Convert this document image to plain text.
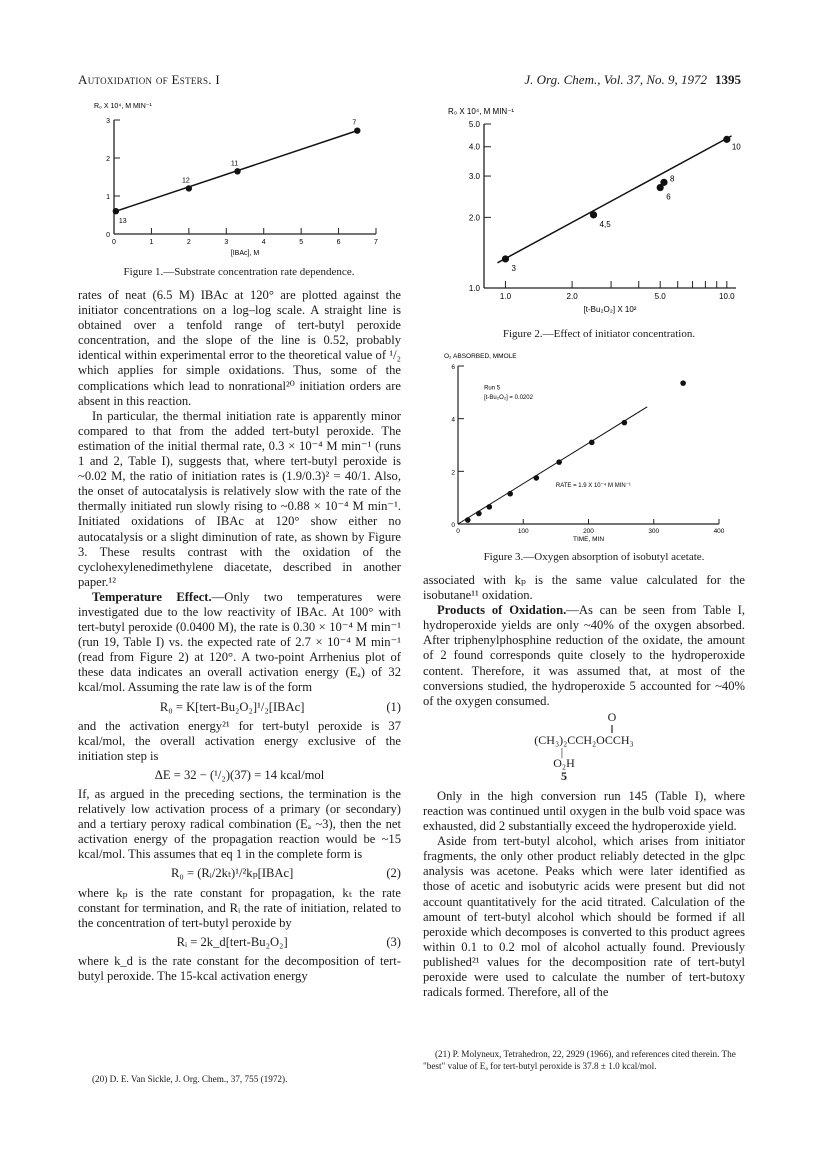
Autoxidation of Esters. I	J. Org. Chem., Vol. 37, No. 9, 1972 1395
R₀ X 10⁴, M MIN⁻¹
0
1
2
3
0	1	2	3	4	5	6	7
[IBAc], M
13
12
11
7
Figure 1.—Substrate concentration rate dependence.
R₀ X 10⁴, M MIN⁻¹
1.0
2.0
3.0
4.0
5.0
1.0	2.0	5.0	10.0
[t-Bu₂O₂] X 10²
3
4,5
6
8
10
Figure 2.—Effect of initiator concentration.
O₂ ABSORBED, MMOLE
0
2
4
6
0	100	200	300	400
TIME, MIN
Run 5
[t-Bu₂O₂] = 0.0202
RATE = 1.9 X 10⁻⁴ M MIN⁻¹
Figure 3.—Oxygen absorption of isobutyl acetate.

rates of neat (6.5 M) IBAc at 120° are plotted against the initiator concentrations on a log–log scale. A straight line is obtained over a tenfold range of tert-butyl peroxide concentration, and the slope of the line is 0.52, probably identical within experimental error to the theoretical value of ¹/₂ which applies for simple oxidations. Thus, some of the complications which lead to nonrational²⁰ initiation orders are absent in this reaction.

In particular, the thermal initiation rate is apparently minor compared to that from the added tert-butyl peroxide. The estimation of the initial thermal rate, 0.3 × 10⁻⁴ M min⁻¹ (runs 1 and 2, Table I), suggests that, where tert-butyl peroxide is ~0.02 M, the ratio of initiation rates is (1.9/0.3)² = 40/1. Also, the onset of autocatalysis is relatively slow with the rate of the thermally initiated run slowly rising to ~0.88 × 10⁻⁴ M min⁻¹. Initiated oxidations of IBAc at 120° show either no autocatalysis or a slight diminution of rate, as shown by Figure 3. These results contrast with the oxidation of the cyclohexylenedimethylene diacetate, described in another paper.¹²

Temperature Effect.—Only two temperatures were investigated due to the low reactivity of IBAc. At 100° with tert-butyl peroxide (0.0400 M), the rate is 0.30 × 10⁻⁴ M min⁻¹ (run 19, Table I) vs. the expected rate of 2.7 × 10⁻⁴ M min⁻¹ (read from Figure 2) at 120°. A two-point Arrhenius plot of these data indicates an overall activation energy (Eₐ) of 32 kcal/mol. Assuming the rate law is of the form

R₀ = K[tert-Bu₂O₂]¹/₂[IBAc]	(1)

and the activation energy²¹ for tert-butyl peroxide is 37 kcal/mol, the overall activation energy exclusive of the initiation step is

ΔE = 32 − (¹/₂)(37) = 14 kcal/mol

If, as argued in the preceding sections, the termination is the relatively low activation process of a primary (or secondary) and a tertiary peroxy radical combination (Eₐ ~3), then the net activation energy of the propagation reaction would be ~15 kcal/mol. This assumes that eq 1 in the complete form is

R₀ = (Rᵢ/2kₜ)¹/²kₚ[IBAc]	(2)

where kₚ is the rate constant for propagation, kₜ the rate constant for termination, and Rᵢ the rate of initiation, related to the concentration of tert-butyl peroxide by

Rᵢ = 2k_d[tert-Bu₂O₂]	(3)

where k_d is the rate constant for the decomposition of tert-butyl peroxide. The 15-kcal activation energy

(20) D. E. Van Sickle, J. Org. Chem., 37, 755 (1972).

associated with kₚ is the same value calculated for the isobutane¹¹ oxidation.

Products of Oxidation.—As can be seen from Table I, hydroperoxide yields are only ~40% of the oxygen absorbed. After triphenylphosphine reduction of the oxidate, the amount of 2 found corresponds quite closely to the hydroperoxide content. Therefore, it was assumed that, at most of the conversions studied, the hydroperoxide 5 accounted for ~40% of the oxygen consumed.

O
‖
(CH₃)₂CCH₂OCCH₃
|
O₂H
5

Only in the high conversion run 145 (Table I), where reaction was continued until oxygen in the bulb void space was exhausted, did 2 substantially exceed the hydroperoxide yield.

Aside from tert-butyl alcohol, which arises from initiator fragments, the only other product reliably detected in the glpc analysis was acetone. Peaks which were later identified as those of acetic and isobutyric acids were present but did not account quantitatively for the acid titrated. Calculation of the amount of tert-butyl alcohol which should be formed if all peroxide which decomposes is converted to this product agrees within 0.1 to 0.2 mol of alcohol actually found. Previously published²¹ values for the decomposition rate of tert-butyl peroxide were used to calculate the number of tert-butoxy radicals formed. Therefore, all of the

(21) P. Molyneux, Tetrahedron, 22, 2929 (1966), and references cited therein. The "best" value of Eₐ for tert-butyl peroxide is 37.8 ± 1.0 kcal/mol.
